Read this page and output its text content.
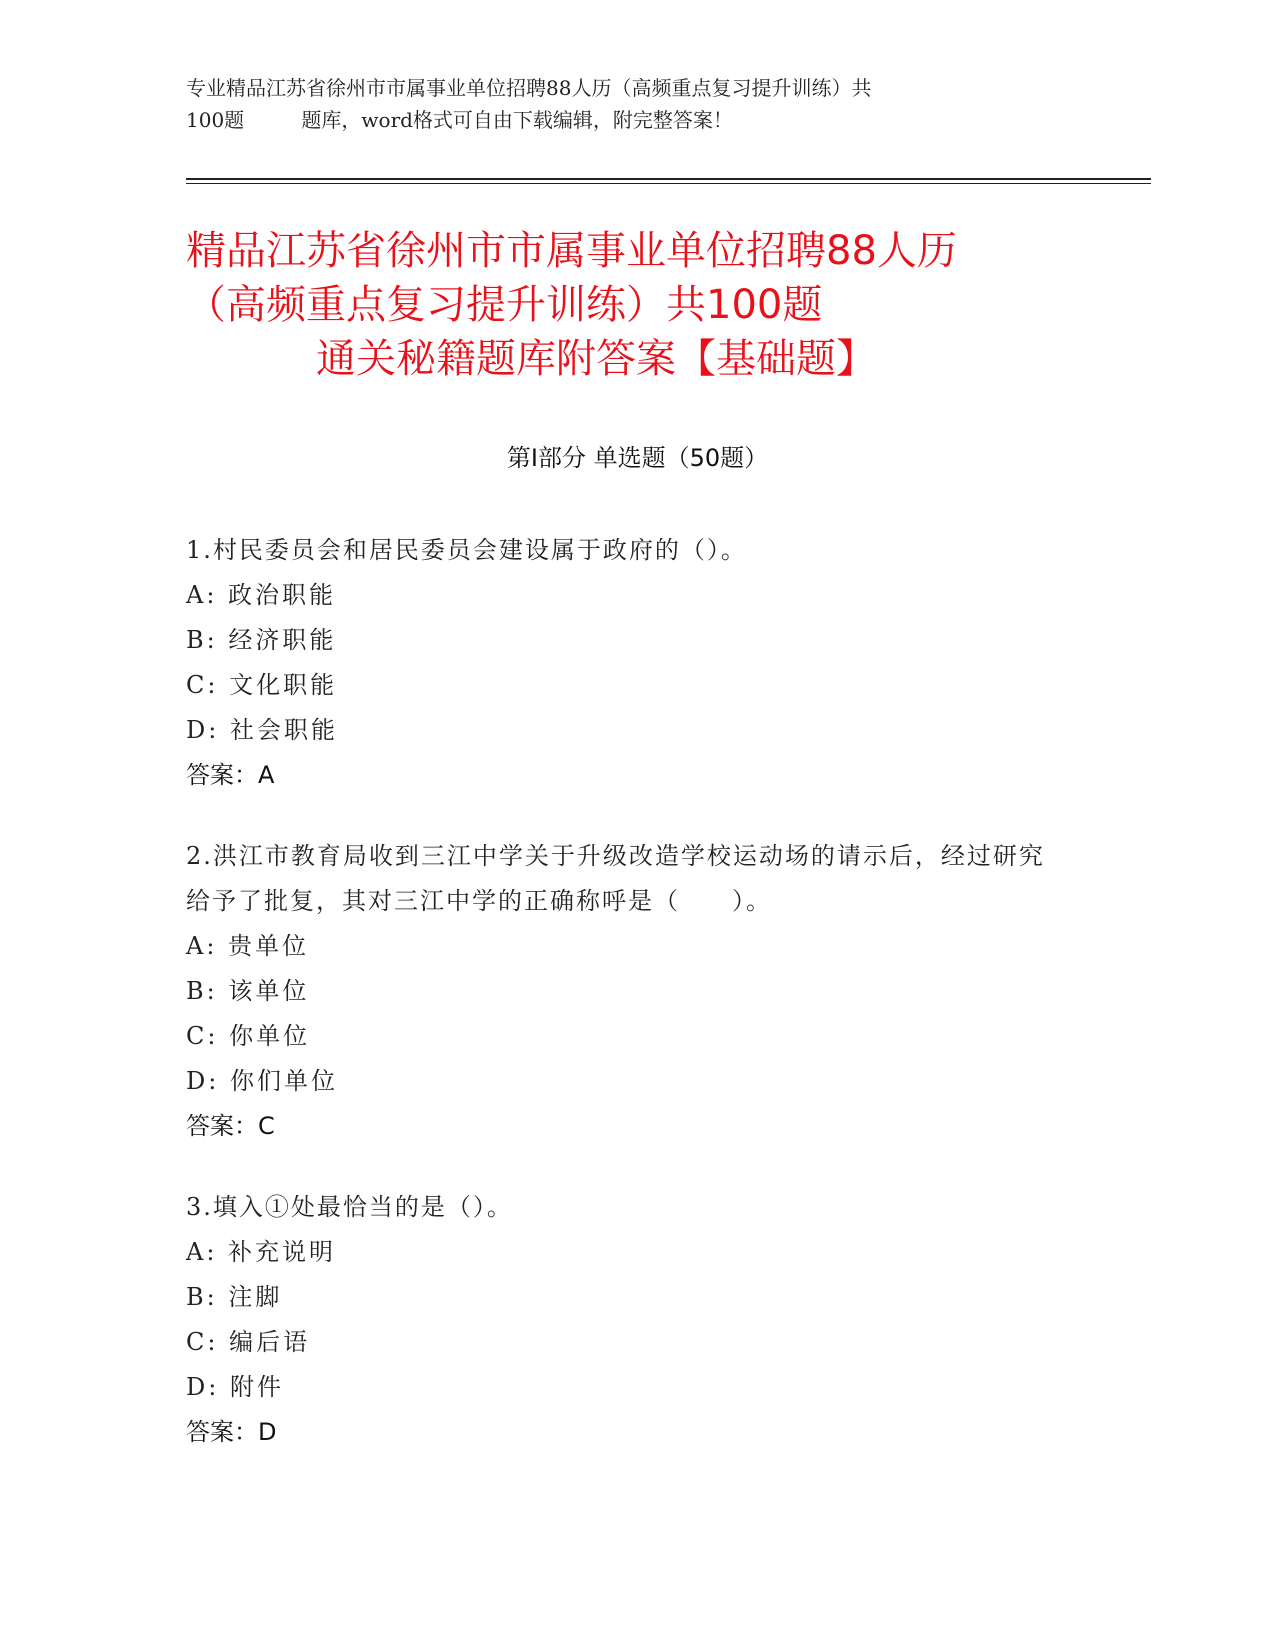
专业精品江苏省徐州市市属事业单位招聘88人历（高频重点复习提升训练）共
100题	题库，word格式可自由下载编辑，附完整答案！
精品江苏省徐州市市属事业单位招聘88人历
（高频重点复习提升训练）共100题
通关秘籍题库附答案【基础题】
第Ⅰ部分 单选题（50题）
1.村民委员会和居民委员会建设属于政府的（）。
A: 政治职能
B: 经济职能
C: 文化职能
D: 社会职能
答案：A
2.洪江市教育局收到三江中学关于升级改造学校运动场的请示后，经过研究给予了批复，其对三江中学的正确称呼是（　　）。
A: 贵单位
B: 该单位
C: 你单位
D: 你们单位
答案：C
3.填入①处最恰当的是（）。
A: 补充说明
B: 注脚
C: 编后语
D: 附件
答案：D
